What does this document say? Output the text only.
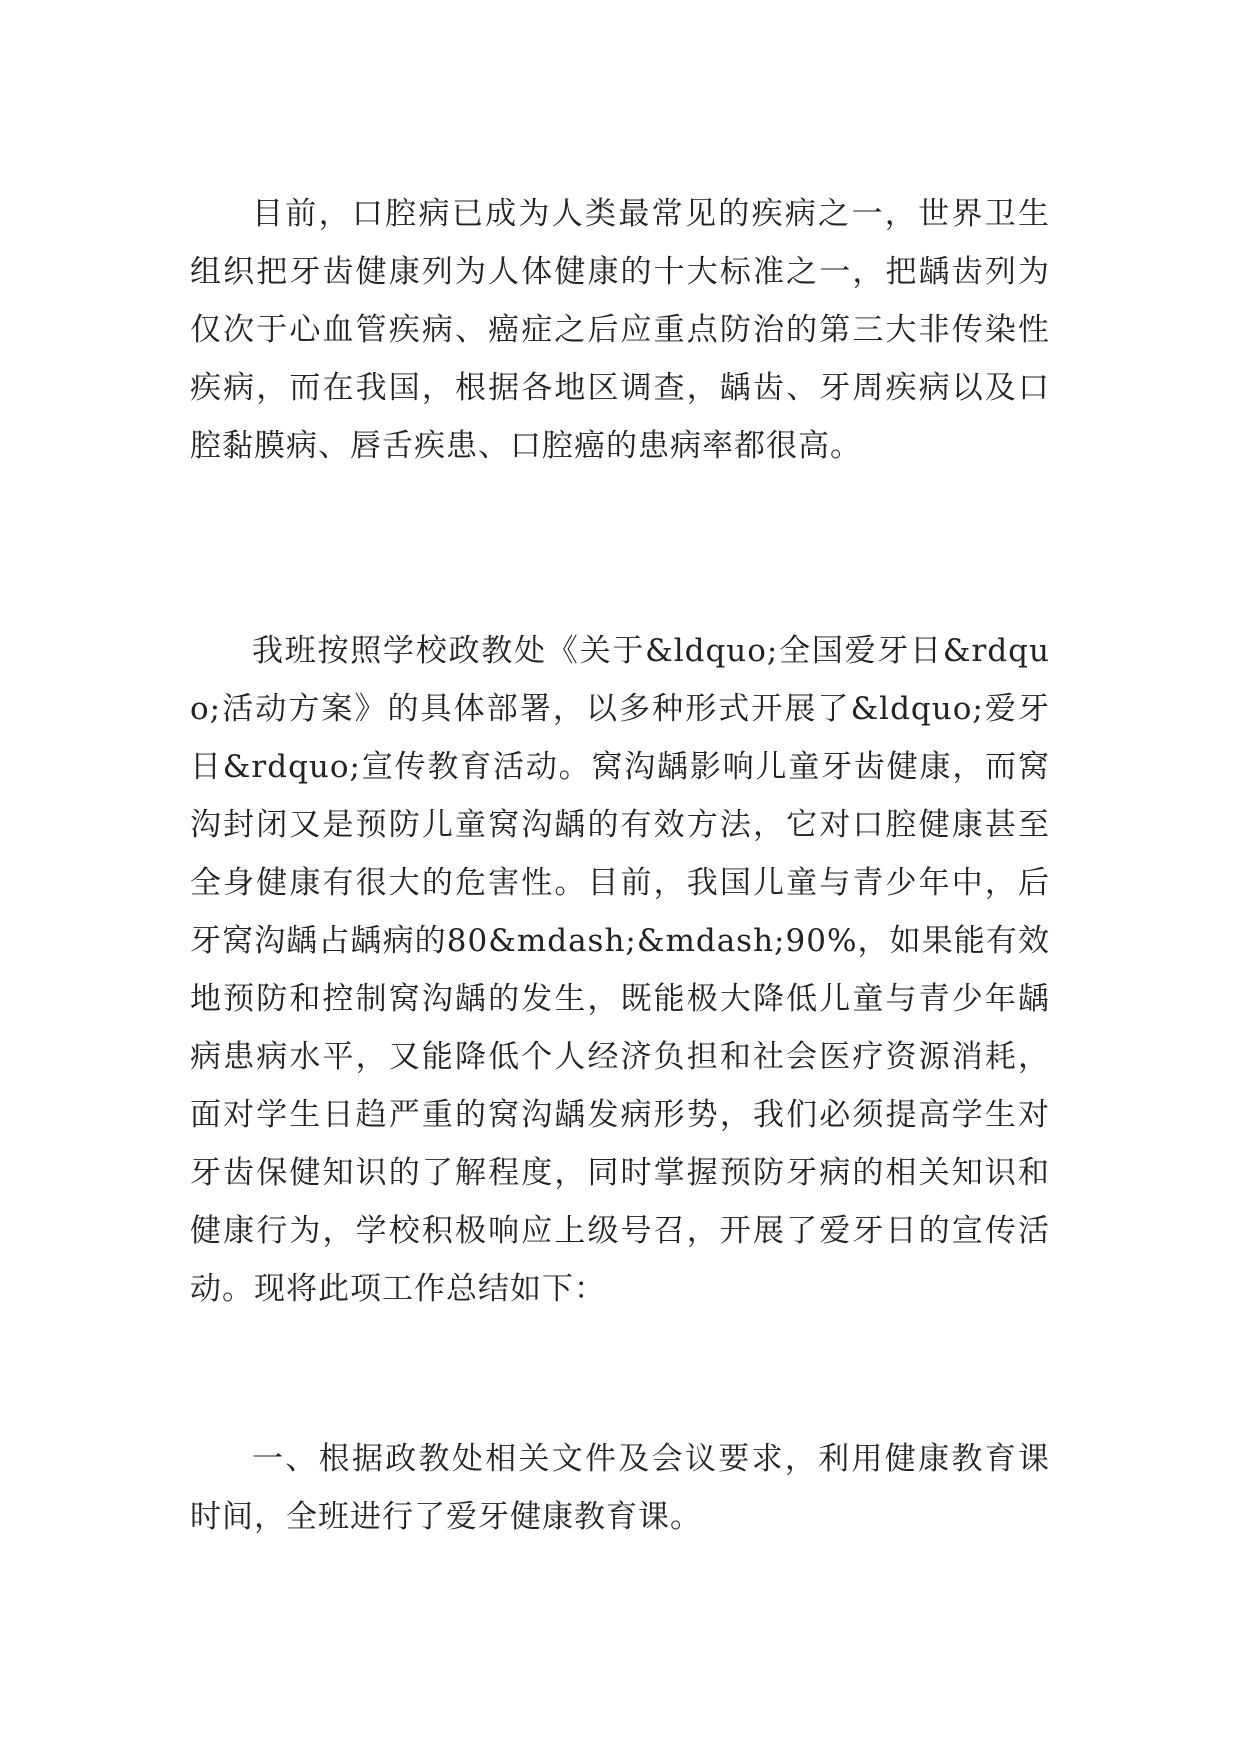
目前，口腔病已成为人类最常见的疾病之一，世界卫生组织把牙齿健康列为人体健康的十大标准之一，把龋齿列为仅次于心血管疾病、癌症之后应重点防治的第三大非传染性疾病，而在我国，根据各地区调查，龋齿、牙周疾病以及口腔黏膜病、唇舌疾患、口腔癌的患病率都很高。

我班按照学校政教处《关于&ldquo;全国爱牙日&rdquo;活动方案》的具体部署，以多种形式开展了&ldquo;爱牙日&rdquo;宣传教育活动。窝沟龋影响儿童牙齿健康，而窝沟封闭又是预防儿童窝沟龋的有效方法，它对口腔健康甚至全身健康有很大的危害性。目前，我国儿童与青少年中，后牙窝沟龋占龋病的80&mdash;&mdash;90%，如果能有效地预防和控制窝沟龋的发生，既能极大降低儿童与青少年龋病患病水平，又能降低个人经济负担和社会医疗资源消耗，面对学生日趋严重的窝沟龋发病形势，我们必须提高学生对牙齿保健知识的了解程度，同时掌握预防牙病的相关知识和健康行为，学校积极响应上级号召，开展了爱牙日的宣传活动。现将此项工作总结如下：

一、根据政教处相关文件及会议要求，利用健康教育课时间，全班进行了爱牙健康教育课。
